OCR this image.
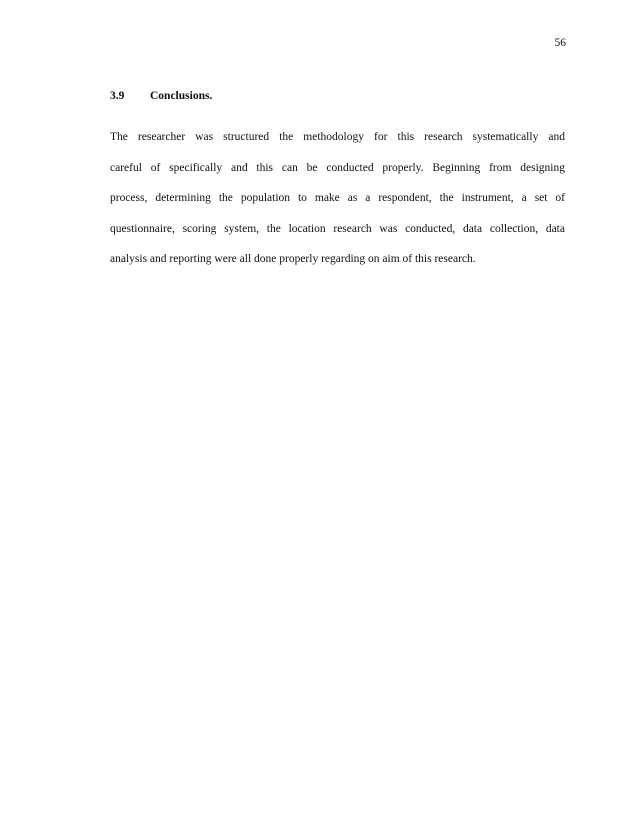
56
3.9	Conclusions.
The researcher was structured the methodology for this research systematically and
careful of specifically and this can be conducted properly. Beginning from designing
process, determining the population to make as a respondent, the instrument, a set of
questionnaire, scoring system, the location research was conducted, data collection, data
analysis and reporting were all done properly regarding on aim of this research.
